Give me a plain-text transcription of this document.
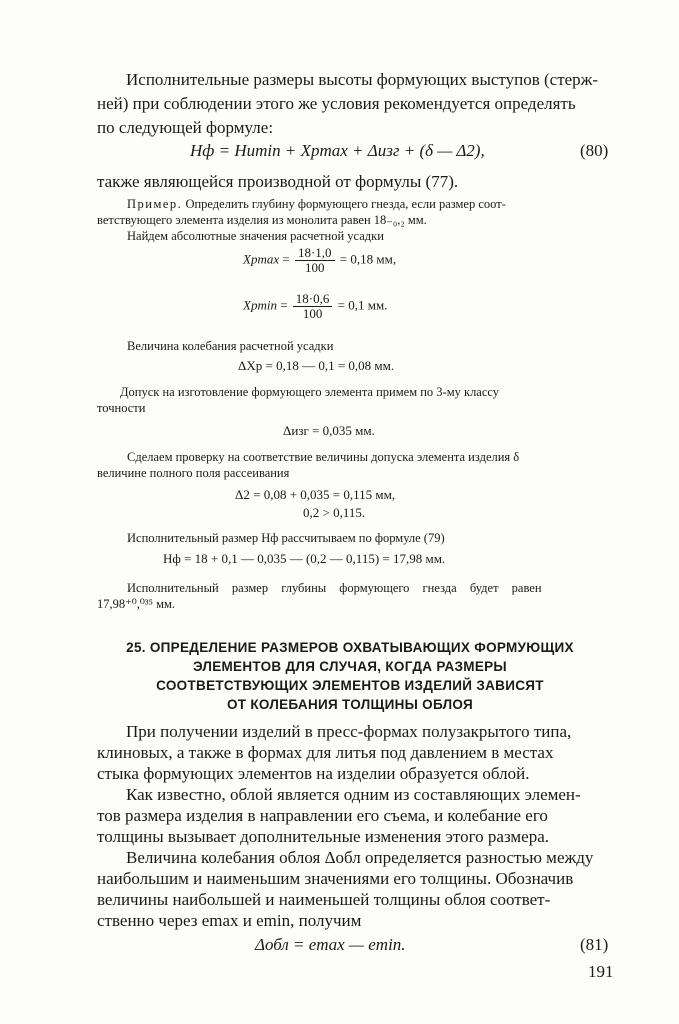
Исполнительные размеры высоты формующих выступов (стерж-
ней) при соблюдении этого же условия рекомендуется определять
по следующей формуле:
Hф = Hиmin + Xpmax + Δизг + (δ — Δ2),	(80)
также являющейся производной от формулы (77).
Пример. Определить глубину формующего гнезда, если размер соот-
ветствующего элемента изделия из монолита равен 18₋₀,₂ мм.
Найдем абсолютные значения расчетной усадки
$Xpmax = \frac{18\cdot 1,0}{100} = 0,18$ мм,
$Xpmin = \frac{18\cdot 0,6}{100} = 0,1$ мм.
Величина колебания расчетной усадки
ΔXp = 0,18 — 0,1 = 0,08 мм.
Допуск на изготовление формующего элемента примем по 3-му классу
точности
Δизг = 0,035 мм.
Сделаем проверку на соответствие величины допуска элемента изделия δ
величине полного поля рассеивания
Δ2 = 0,08 + 0,035 = 0,115 мм,
0,2 > 0,115.
Исполнительный размер Hф рассчитываем по формуле (79)
Hф = 18 + 0,1 — 0,035 — (0,2 — 0,115) = 17,98 мм.
Исполнительный размер глубины формующего гнезда будет равен
17,98⁺⁰,⁰³⁵ мм.
25. ОПРЕДЕЛЕНИЕ РАЗМЕРОВ ОХВАТЫВАЮЩИХ ФОРМУЮЩИХ
ЭЛЕМЕНТОВ ДЛЯ СЛУЧАЯ, КОГДА РАЗМЕРЫ
СООТВЕТСТВУЮЩИХ ЭЛЕМЕНТОВ ИЗДЕЛИЙ ЗАВИСЯТ
ОТ КОЛЕБАНИЯ ТОЛЩИНЫ ОБЛОЯ
При получении изделий в пресс-формах полузакрытого типа,
клиновых, а также в формах для литья под давлением в местах
стыка формующих элементов на изделии образуется облой.
Как известно, облой является одним из составляющих элемен-
тов размера изделия в направлении его съема, и колебание его
толщины вызывает дополнительные изменения этого размера.
Величина колебания облоя Δобл определяется разностью между
наибольшим и наименьшим значениями его толщины. Обозначив
величины наибольшей и наименьшей толщины облоя соответ-
ственно через emax и emin, получим
Δобл = emax — emin.	(81)
191
